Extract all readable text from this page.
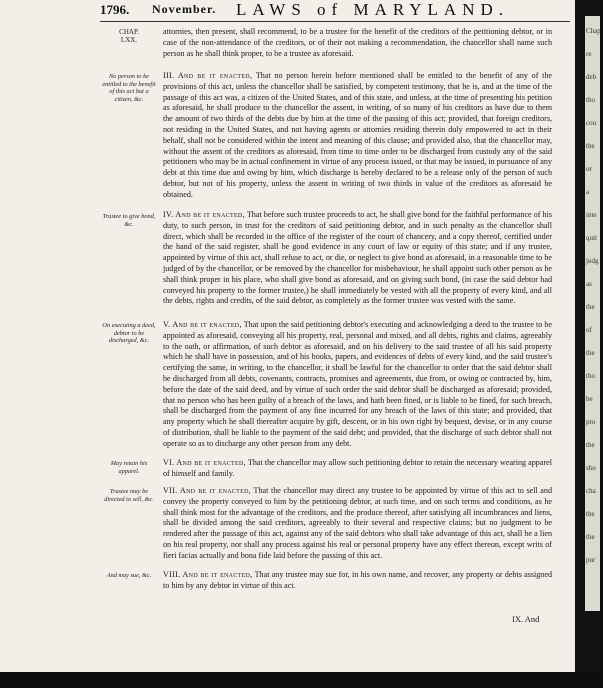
1796. November. LAWS of MARYLAND.
CHAP.
LXX.
No person to be entitled to the benefit of this act but a citizen, &c.
Trustee to give bond, &c.
On executing a deed, debtor to be discharged, &c.
May retain his apparel.
Trustee may be directed to sell, &c.
And may sue, &c.
attornies, then present, shall recommend, to be a trustee for the benefit of the creditors of the petitioning debtor, or in case of the non-attendance of the creditors, or of their not making a recommendation, the chancellor shall name such person as he shall think proper, to be a trustee as aforesaid.
III. And be it enacted, That no person herein before mentioned shall be entitled to the benefit of any of the provisions of this act, unless the chancellor shall be satisfied, by competent testimony, that he is, and at the time of the passage of this act was, a citizen of the United States, and of this state, and unless, at the time of presenting his petition as aforesaid, he shall produce to the chancellor the assent, in writing, of so many of his creditors as have due to them the amount of two thirds of the debts due by him at the time of the passing of this act; provided, that foreign creditors, not residing in the United States, and not having agents or attornies residing therein duly empowered to act in their behalf, shall not be considered within the intent and meaning of this clause; and provided also, that the chancellor may, without the assent of the creditors as aforesaid, from time to time order to be discharged from custody any of the said petitioners who may be in actual confinement in virtue of any process issued, or that may be issued, in pursuance of any debt at this time due and owing by him, which discharge is hereby declared to be a release only of the person of such debtor, but not of his property, unless the assent in writing of two thirds in value of the creditors as aforesaid be obtained.
IV. And be it enacted, That before such trustee proceeds to act, he shall give bond for the faithful performance of his duty, to such person, in trust for the creditors of said petitioning debtor, and in such penalty as the chancellor shall direct, which shall be recorded in the office of the register of the court of chancery, and a copy thereof, certified under the hand of the said register, shall be good evidence in any court of law or equity of this state; and if any trustee, appointed by virtue of this act, shall refuse to act, or die, or neglect to give bond as aforesaid, in a reasonable time to be judged of by the chancellor, or be removed by the chancellor for misbehaviour, he shall appoint such other person as he shall think proper in his place, who shall give bond as aforesaid, and on giving such bond, (in case the said debtor had conveyed his property to the former trustee,) he shall immediately be vested with all the property of every kind, and all the debts, rights and credits, of the said debtor, as completely as the former trustee was vested with the same.
V. And be it enacted, That upon the said petitioning debtor's executing and acknowledging a deed to the trustee to be appointed as aforesaid, conveying all his property, real, personal and mixed, and all debts, rights and claims, agreeably to the oath, or affirmation, of such debtor as aforesaid, and on his delivery to the said trustee of all his said property which he shall have in possession, and of his books, papers, and evidences of debts of every kind, and the said trustee's certifying the same, in writing, to the chancellor, it shall be lawful for the chancellor to order that the said debtor shall be discharged from all debts, covenants, contracts, promises and agreements, due from, or owing or contracted by, him, before the date of the said deed, and by virtue of such order the said debtor shall be discharged as aforesaid; provided, that no person who has been guilty of a breach of the laws, and hath been fined, or is liable to be fined, for such breach, shall be discharged from the payment of any fine incurred for any breach of the laws of this state; and provided, that any property which he shall thereafter acquire by gift, descent, or in his own right by bequest, devise, or in any course of distribution, shall be liable to the payment of the said debt; and provided, that the discharge of such debtor shall not operate so as to discharge any other person from any debt.
VI. And be it enacted, That the chancellor may allow such petitioning debtor to retain the necessary wearing apparel of himself and family.
VII. And be it enacted, That the chancellor may direct any trustee to be appointed by virtue of this act to sell and convey the property conveyed to him by the petitioning debtor, at such time, and on such terms and conditions, as he shall think most for the advantage of the creditors, and the produce thereof, after satisfying all incumbrances and liens, shall be divided among the said creditors, agreeably to their several and respective claims; but no judgment to be rendered after the passage of this act, against any of the said debtors who shall take advantage of this act, shall be a lien on his real property, nor shall any process against his real or personal property have any effect thereon, except writs of fieri facias actually and bona fide laid before the passing of this act.
VIII. And be it enacted, That any trustee may sue for, in his own name, and recover, any property or debts assigned to him by any debtor in virtue of this act.
IX. And
Chap.
re
deb
tho
cou
the
or
a
inte
quit
judg
as
the
of
the
tho
be
pro
the
sho
cha
the
the
pur
